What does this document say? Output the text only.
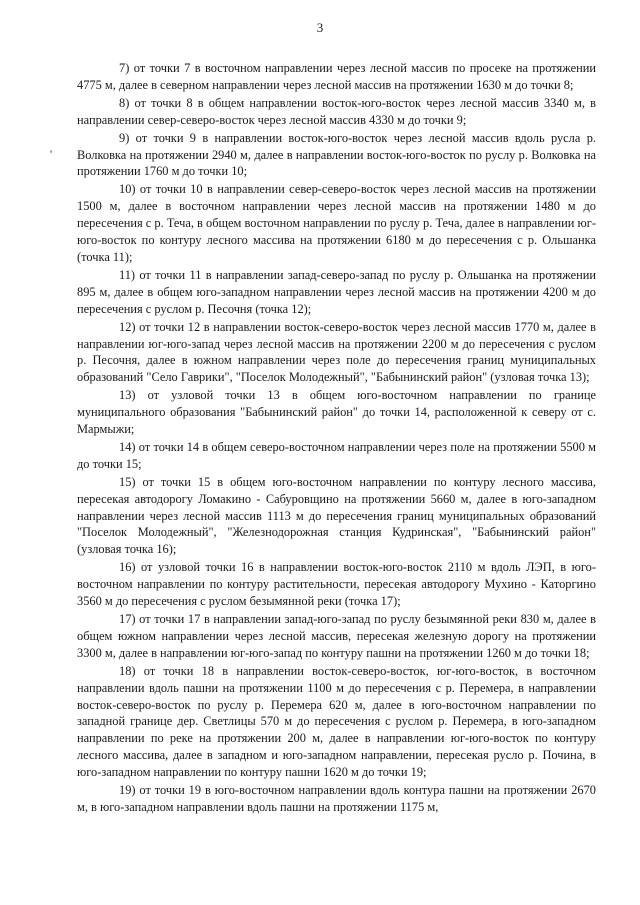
3
'

7) от точки 7 в восточном направлении через лесной массив по просеке на протяжении 4775 м, далее в северном направлении через лесной массив на протяжении 1630 м до точки 8;

8) от точки 8 в общем направлении восток-юго-восток через лесной массив 3340 м, в направлении север-северо-восток через лесной массив 4330 м до точки 9;

9) от точки 9 в направлении восток-юго-восток через лесной массив вдоль русла р. Волковка на протяжении 2940 м, далее в направлении восток-юго-восток по руслу р. Волковка на протяжении 1760 м до точки 10;

10) от точки 10 в направлении север-северо-восток через лесной массив на протяжении 1500 м, далее в восточном направлении через лесной массив на протяжении 1480 м до пересечения с р. Теча, в общем восточном направлении по руслу р. Теча, далее в направлении юг-юго-восток по контуру лесного массива на протяжении 6180 м до пересечения с р. Ольшанка (точка 11);

11) от точки 11 в направлении запад-северо-запад по руслу р. Ольшанка на протяжении 895 м, далее в общем юго-западном направлении через лесной массив на протяжении 4200 м до пересечения с руслом р. Песочня (точка 12);

12) от точки 12 в направлении восток-северо-восток через лесной массив 1770 м, далее в направлении юг-юго-запад через лесной массив на протяжении 2200 м до пересечения с руслом р. Песочня, далее в южном направлении через поле до пересечения границ муниципальных образований "Село Гаврики", "Поселок Молодежный", "Бабынинский район" (узловая точка 13);

13) от узловой точки 13 в общем юго-восточном направлении по границе муниципального образования "Бабынинский район" до точки 14, расположенной к северу от с. Мармыжи;

14) от точки 14 в общем северо-восточном направлении через поле на протяжении 5500 м до точки 15;

15) от точки 15 в общем юго-восточном направлении по контуру лесного массива, пересекая автодорогу Ломакино - Сабуровщино на протяжении 5660 м, далее в юго-западном направлении через лесной массив 1113 м до пересечения границ муниципальных образований "Поселок Молодежный", "Железнодорожная станция Кудринская", "Бабынинский район" (узловая точка 16);

16) от узловой точки 16 в направлении восток-юго-восток 2110 м вдоль ЛЭП, в юго-восточном направлении по контуру растительности, пересекая автодорогу Мухино - Каторгино 3560 м до пересечения с руслом безымянной реки (точка 17);

17) от точки 17 в направлении запад-юго-запад по руслу безымянной реки 830 м, далее в общем южном направлении через лесной массив, пересекая железную дорогу на протяжении 3300 м, далее в направлении юг-юго-запад по контуру пашни на протяжении 1260 м до точки 18;

18) от точки 18 в направлении восток-северо-восток, юг-юго-восток, в восточном направлении вдоль пашни на протяжении 1100 м до пересечения с р. Перемера, в направлении восток-северо-восток по руслу р. Перемера 620 м, далее в юго-восточном направлении по западной границе дер. Светлицы 570 м до пересечения с руслом р. Перемера, в юго-западном направлении по реке на протяжении 200 м, далее в направлении юг-юго-восток по контуру лесного массива, далее в западном и юго-западном направлении, пересекая русло р. Почина, в юго-западном направлении по контуру пашни 1620 м до точки 19;

19) от точки 19 в юго-восточном направлении вдоль контура пашни на протяжении 2670 м, в юго-западном направлении вдоль пашни на протяжении 1175 м,
